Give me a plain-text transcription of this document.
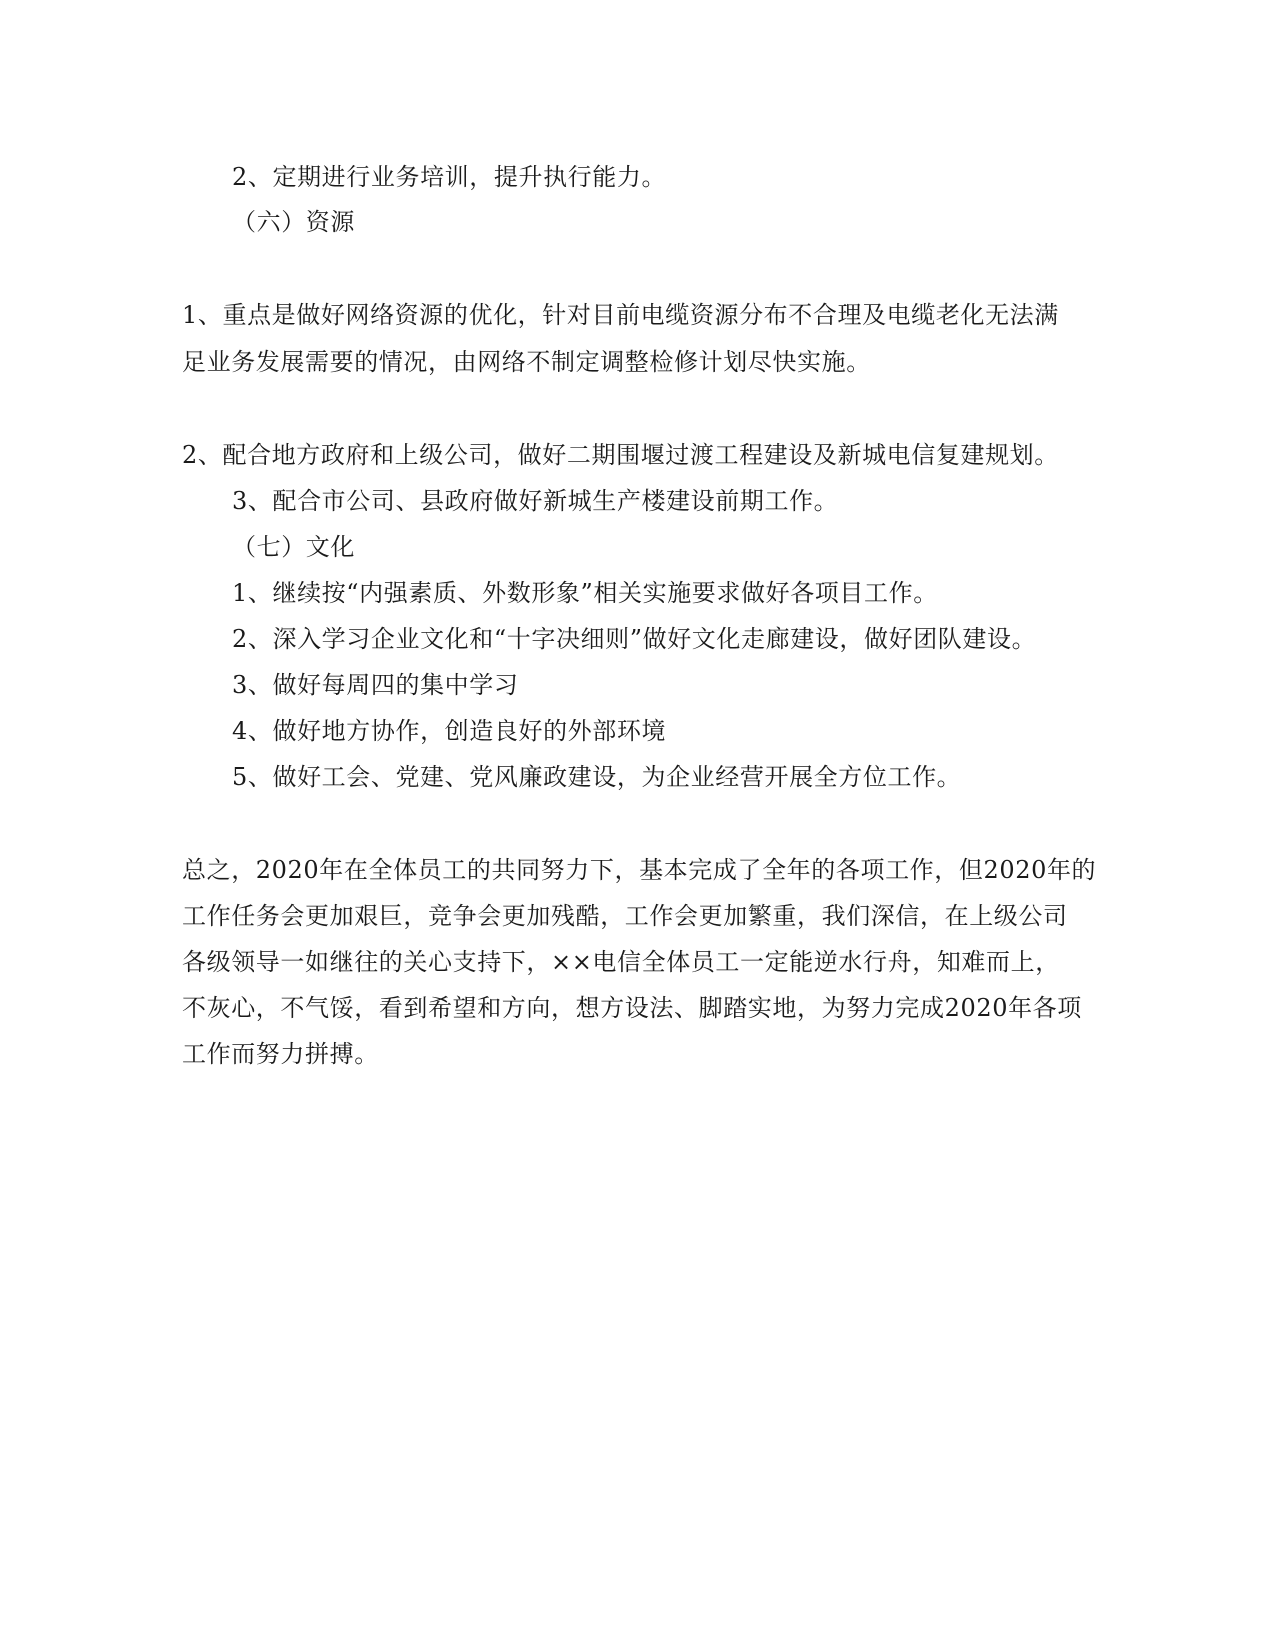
2、定期进行业务培训，提升执行能力。
（六）资源
1、重点是做好网络资源的优化，针对目前电缆资源分布不合理及电缆老化无法满
足业务发展需要的情况，由网络不制定调整检修计划尽快实施。
2、配合地方政府和上级公司，做好二期围堰过渡工程建设及新城电信复建规划。
3、配合市公司、县政府做好新城生产楼建设前期工作。
（七）文化
1、继续按“内强素质、外数形象”相关实施要求做好各项目工作。
2、深入学习企业文化和“十字决细则”做好文化走廊建设，做好团队建设。
3、做好每周四的集中学习
4、做好地方协作，创造良好的外部环境
5、做好工会、党建、党风廉政建设，为企业经营开展全方位工作。
总之，2020年在全体员工的共同努力下，基本完成了全年的各项工作，但2020年的
工作任务会更加艰巨，竞争会更加残酷，工作会更加繁重，我们深信，在上级公司
各级领导一如继往的关心支持下，××电信全体员工一定能逆水行舟，知难而上，
不灰心，不气馁，看到希望和方向，想方设法、脚踏实地，为努力完成2020年各项
工作而努力拼搏。
